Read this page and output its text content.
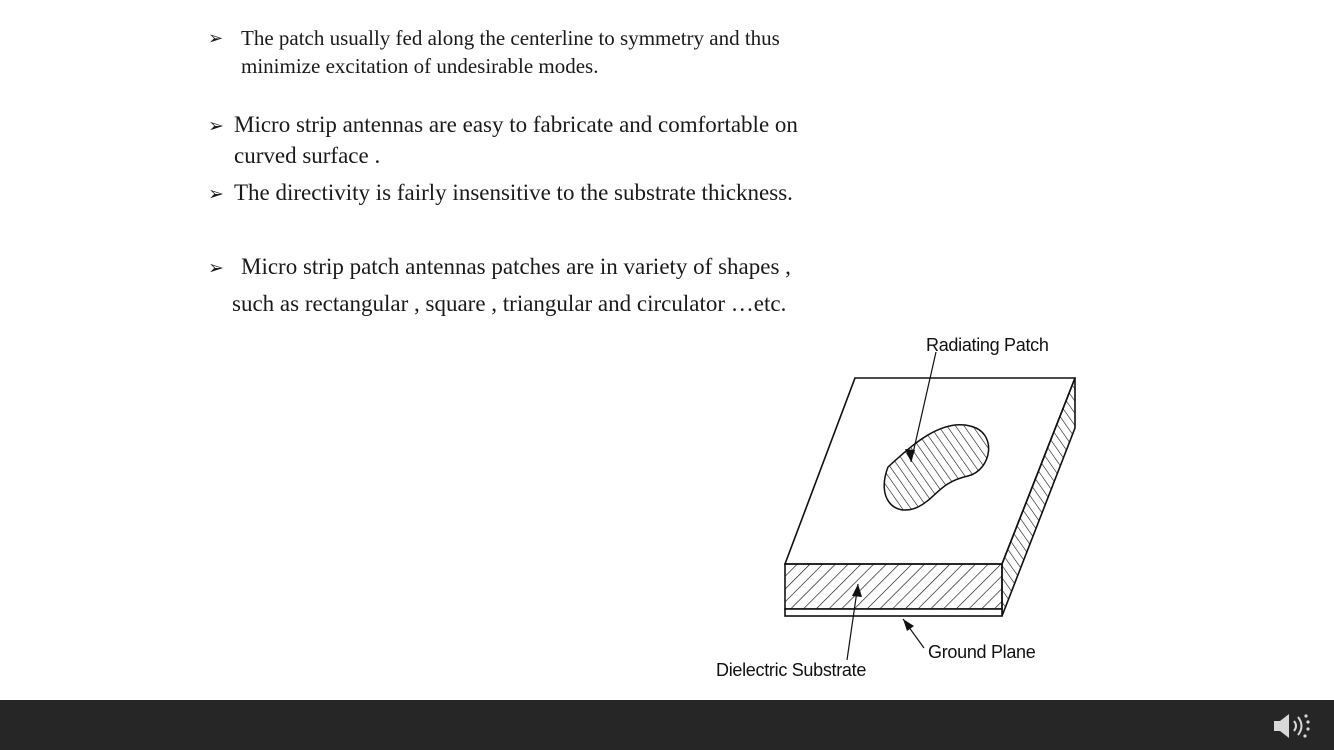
➢ The patch usually fed along the centerline to symmetry and thus
minimize excitation of undesirable modes.
➢ Micro strip antennas are easy to fabricate and comfortable on
curved surface .
➢ The directivity is fairly insensitive to the substrate thickness.
➢ Micro strip patch antennas patches are in variety of shapes ,
such as rectangular , square , triangular and circulator …etc.
Radiating Patch
Ground Plane
Dielectric Substrate
